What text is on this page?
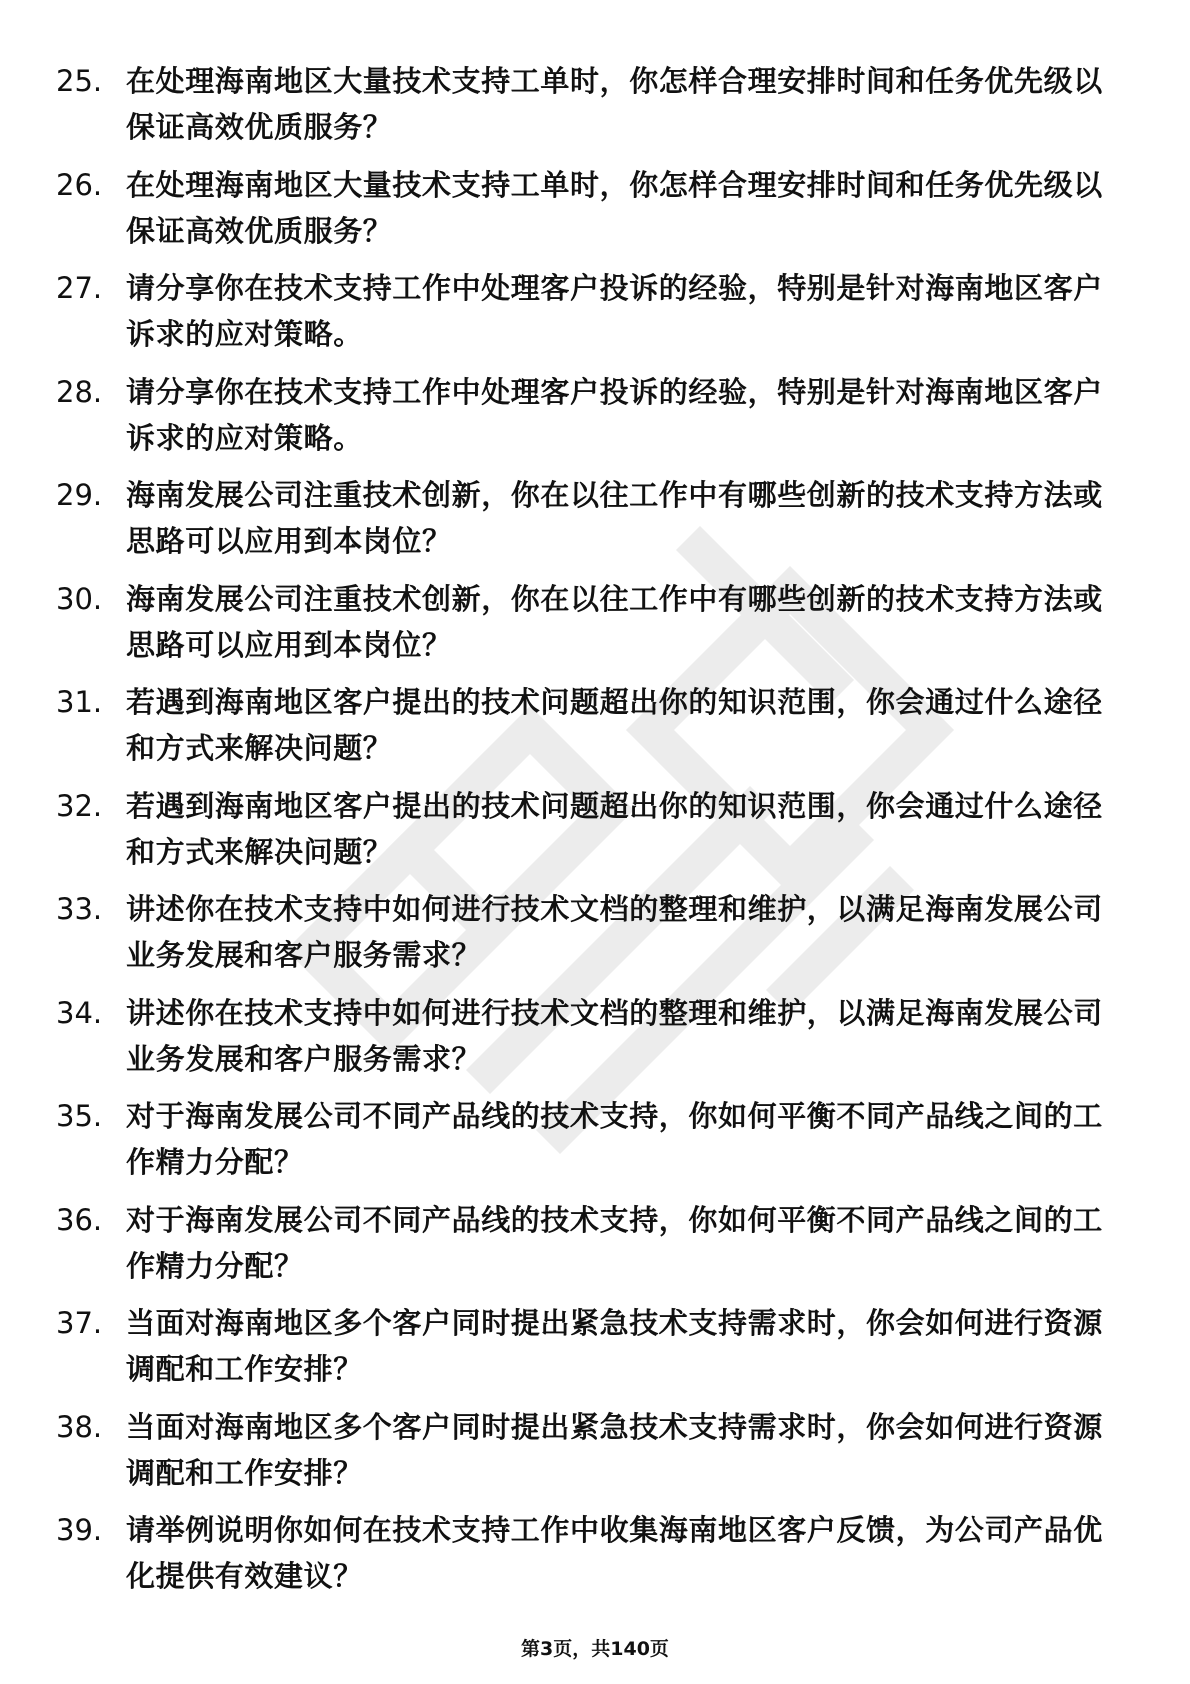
25. 在处理海南地区大量技术支持工单时，你怎样合理安排时间和任务优先级以保证高效优质服务？
26. 在处理海南地区大量技术支持工单时，你怎样合理安排时间和任务优先级以保证高效优质服务？
27. 请分享你在技术支持工作中处理客户投诉的经验，特别是针对海南地区客户诉求的应对策略。
28. 请分享你在技术支持工作中处理客户投诉的经验，特别是针对海南地区客户诉求的应对策略。
29. 海南发展公司注重技术创新，你在以往工作中有哪些创新的技术支持方法或思路可以应用到本岗位？
30. 海南发展公司注重技术创新，你在以往工作中有哪些创新的技术支持方法或思路可以应用到本岗位？
31. 若遇到海南地区客户提出的技术问题超出你的知识范围，你会通过什么途径和方式来解决问题？
32. 若遇到海南地区客户提出的技术问题超出你的知识范围，你会通过什么途径和方式来解决问题？
33. 讲述你在技术支持中如何进行技术文档的整理和维护，以满足海南发展公司业务发展和客户服务需求？
34. 讲述你在技术支持中如何进行技术文档的整理和维护，以满足海南发展公司业务发展和客户服务需求？
35. 对于海南发展公司不同产品线的技术支持，你如何平衡不同产品线之间的工作精力分配？
36. 对于海南发展公司不同产品线的技术支持，你如何平衡不同产品线之间的工作精力分配？
37. 当面对海南地区多个客户同时提出紧急技术支持需求时，你会如何进行资源调配和工作安排？
38. 当面对海南地区多个客户同时提出紧急技术支持需求时，你会如何进行资源调配和工作安排？
39. 请举例说明你如何在技术支持工作中收集海南地区客户反馈，为公司产品优化提供有效建议？
第3页，共140页
